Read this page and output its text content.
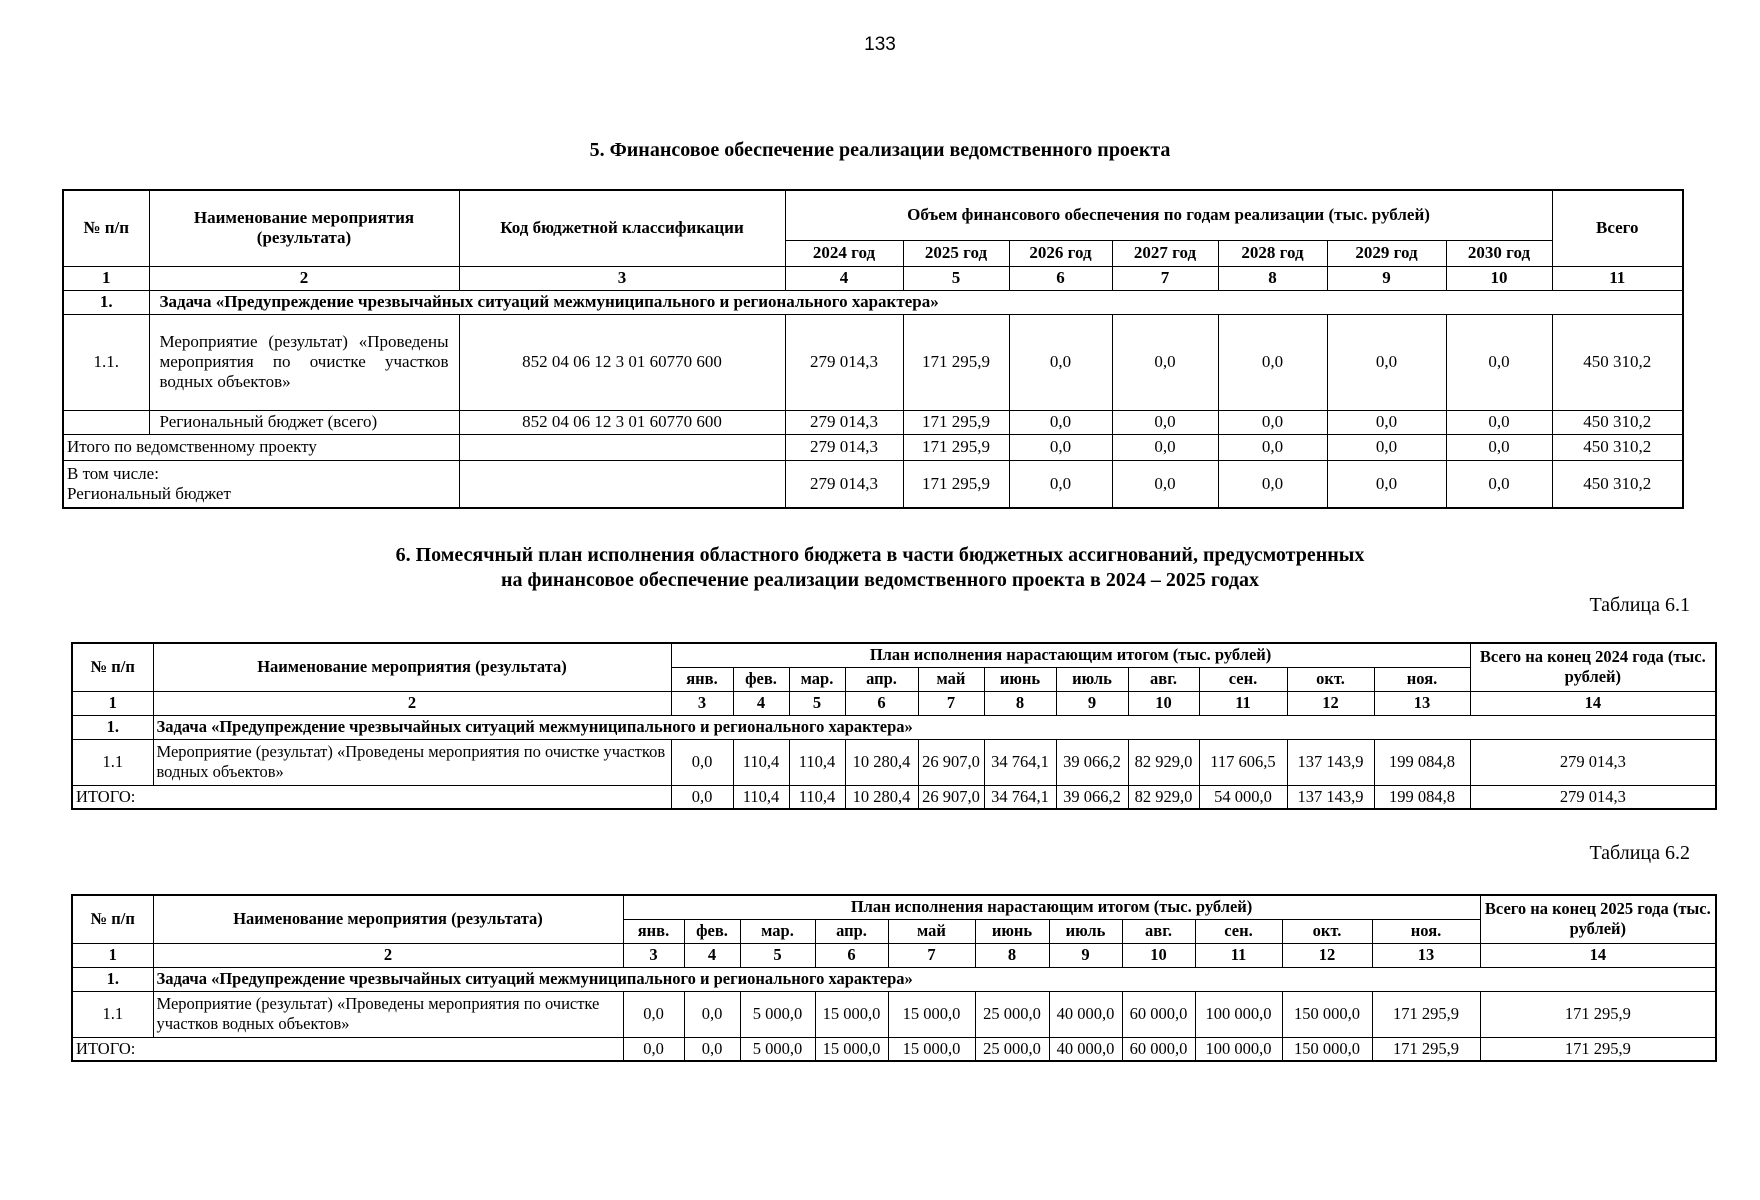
133
5. Финансовое обеспечение реализации ведомственного проекта
№ п/п	Наименование мероприятия (результата)	Код бюджетной классификации	Объем финансового обеспечения по годам реализации (тыс. рублей)							Всего
			2024 год	2025 год	2026 год	2027 год	2028 год	2029 год	2030 год	
1	2	3	4	5	6	7	8	9	10	11
1.	Задача «Предупреждение чрезвычайных ситуаций межмуниципального и регионального характера»									
1.1.	Мероприятие (результат) «Проведены мероприятия по очистке участков водных объектов»	852 04 06 12 3 01 60770 600	279 014,3	171 295,9	0,0	0,0	0,0	0,0	0,0	450 310,2
	Региональный бюджет (всего)	852 04 06 12 3 01 60770 600	279 014,3	171 295,9	0,0	0,0	0,0	0,0	0,0	450 310,2
Итого по ведомственному проекту			279 014,3	171 295,9	0,0	0,0	0,0	0,0	0,0	450 310,2

В том числе:
Региональный бюджет			279 014,3	171 295,9	0,0	0,0	0,0	0,0	0,0	450 310,2
6. Помесячный план исполнения областного бюджета в части бюджетных ассигнований, предусмотренных
на финансовое обеспечение реализации ведомственного проекта в 2024 – 2025 годах
Таблица 6.1
№ п/п	Наименование мероприятия (результата)	План исполнения нарастающим итогом (тыс. рублей)											Всего на конец 2024 года (тыс. рублей)
		янв.	фев.	мар.	апр.	май	июнь	июль	авг.	сен.	окт.	ноя.	
1	2	3	4	5	6	7	8	9	10	11	12	13	14
1.	Задача «Предупреждение чрезвычайных ситуаций межмуниципального и регионального характера»												
1.1	Мероприятие (результат) «Проведены мероприятия по очистке участков водных объектов»	0,0	110,4	110,4	10 280,4	26 907,0	34 764,1	39 066,2	82 929,0	117 606,5	137 143,9	199 084,8	279 014,3
ИТОГО:		0,0	110,4	110,4	10 280,4	26 907,0	34 764,1	39 066,2	82 929,0	54 000,0	137 143,9	199 084,8	279 014,3
Таблица 6.2
№ п/п	Наименование мероприятия (результата)	План исполнения нарастающим итогом (тыс. рублей)											Всего на конец 2025 года (тыс. рублей)
		янв.	фев.	мар.	апр.	май	июнь	июль	авг.	сен.	окт.	ноя.	
1	2	3	4	5	6	7	8	9	10	11	12	13	14
1.	Задача «Предупреждение чрезвычайных ситуаций межмуниципального и регионального характера»												
1.1	Мероприятие (результат) «Проведены мероприятия по очистке участков водных объектов»	0,0	0,0	5 000,0	15 000,0	15 000,0	25 000,0	40 000,0	60 000,0	100 000,0	150 000,0	171 295,9	171 295,9
ИТОГО:		0,0	0,0	5 000,0	15 000,0	15 000,0	25 000,0	40 000,0	60 000,0	100 000,0	150 000,0	171 295,9	171 295,9
